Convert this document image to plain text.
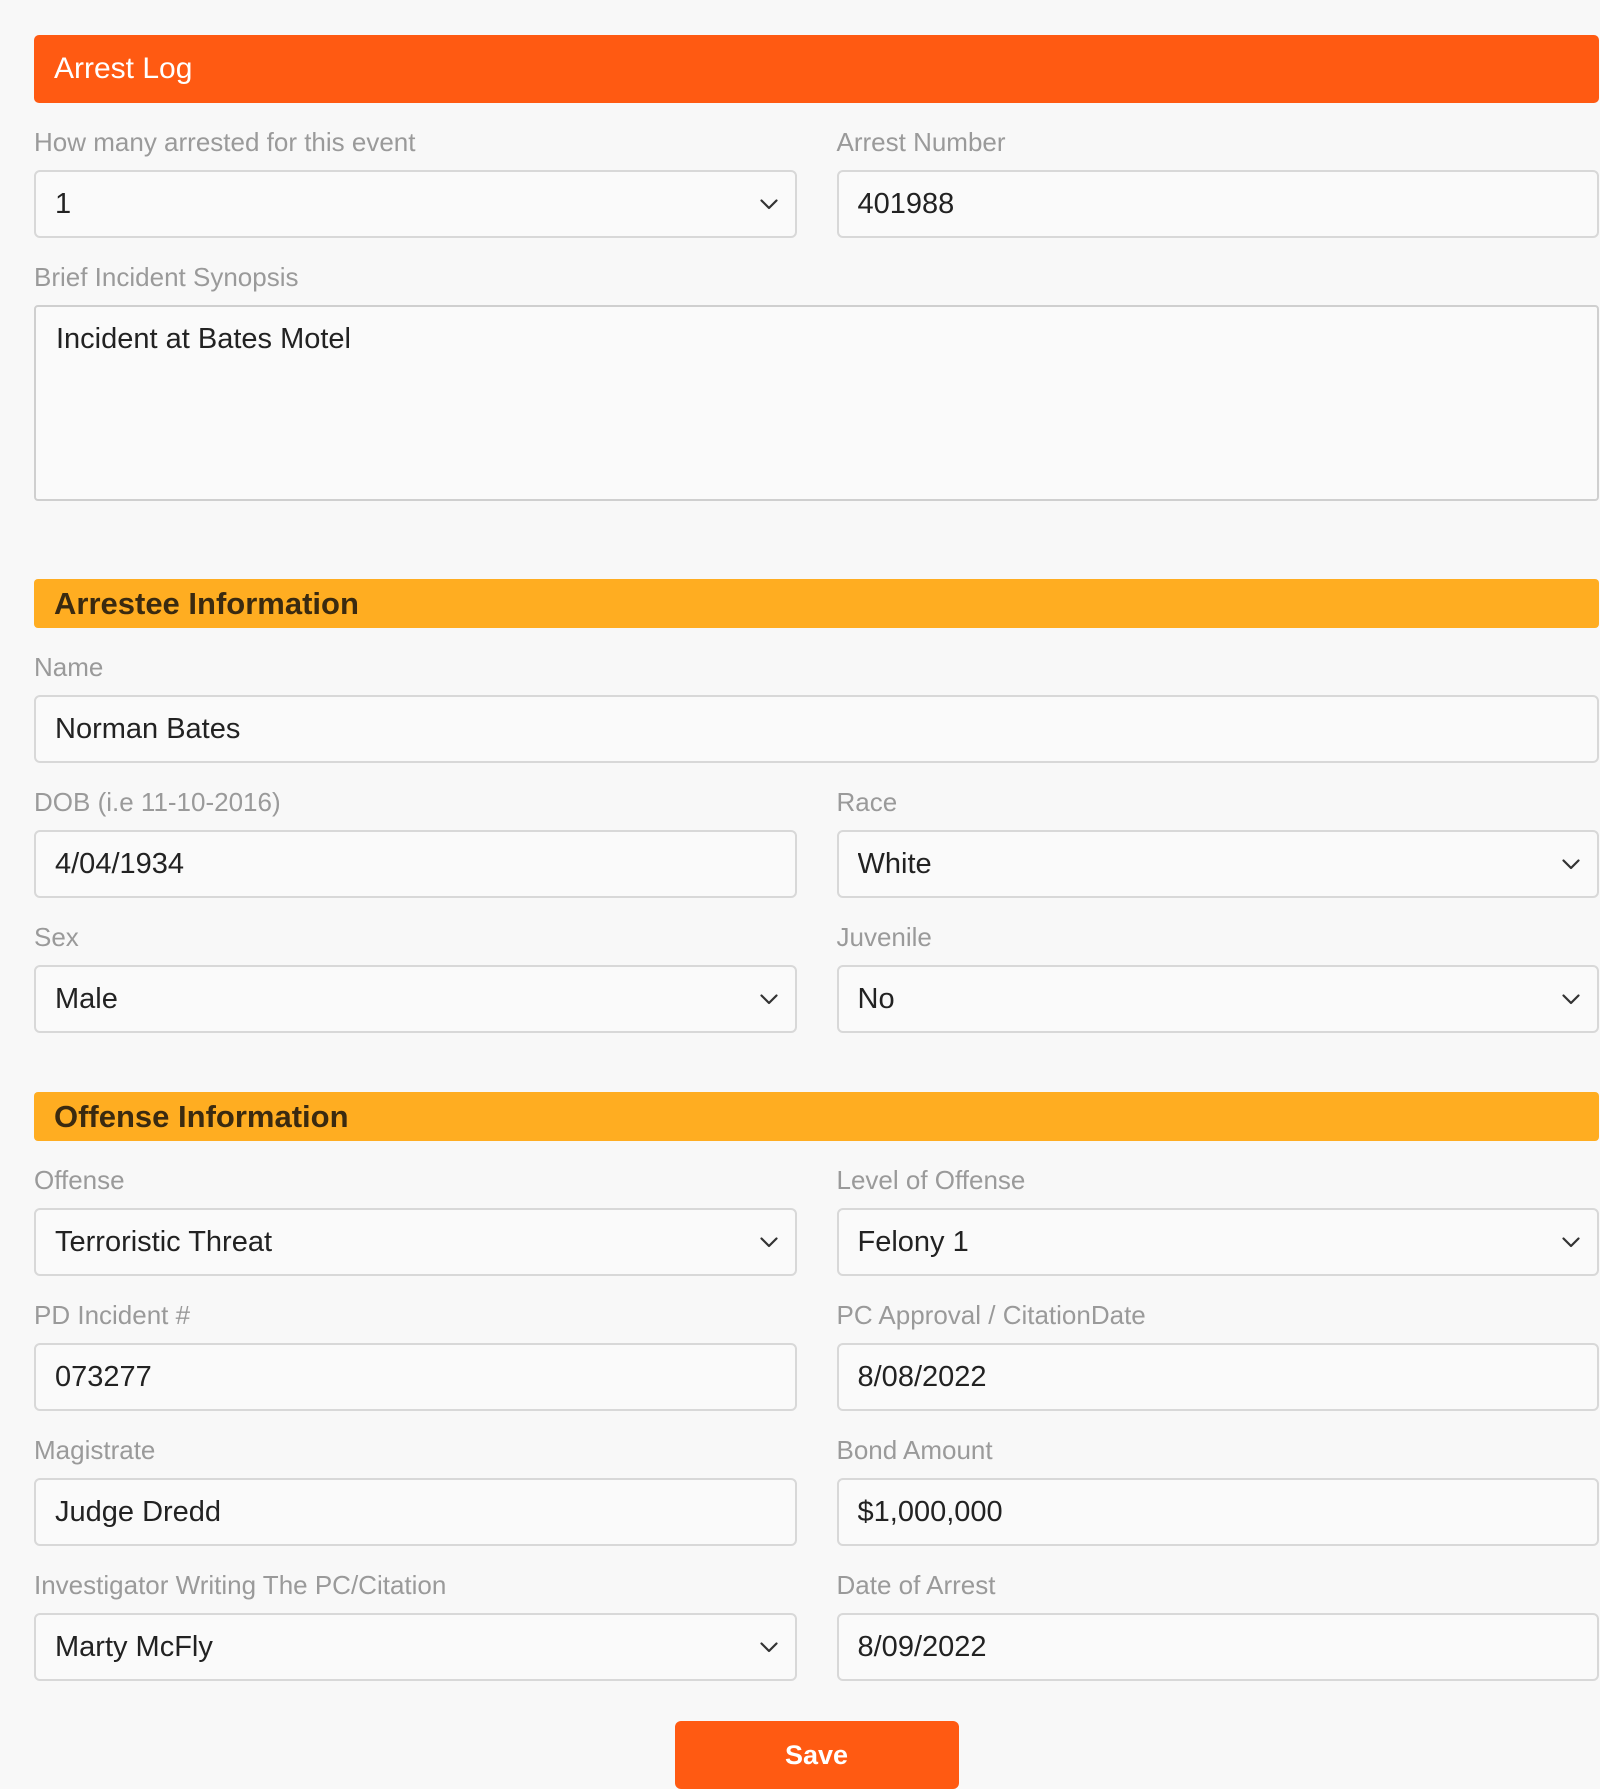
Arrest Log
How many arrested for this event
1
Arrest Number
401988
Brief Incident Synopsis
Incident at Bates Motel
Arrestee Information
Name
Norman Bates
DOB (i.e 11-10-2016)
4/04/1934
Race
White
Sex
Male
Juvenile
No
Offense Information
Offense
Terroristic Threat
Level of Offense
Felony 1
PD Incident #
073277
PC Approval / CitationDate
8/08/2022
Magistrate
Judge Dredd
Bond Amount
$1,000,000
Investigator Writing The PC/Citation
Marty McFly
Date of Arrest
8/09/2022
Save
